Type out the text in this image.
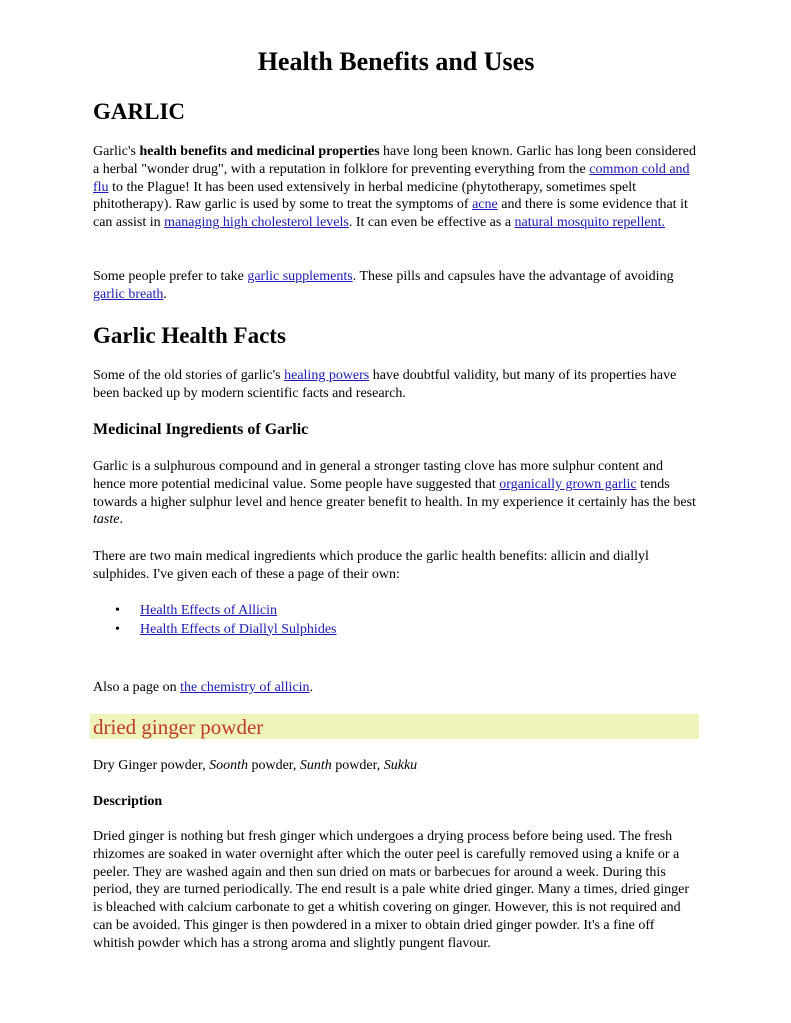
Health Benefits and Uses
GARLIC

Garlic's health benefits and medicinal properties have long been known. Garlic has long been considered a herbal "wonder drug", with a reputation in folklore for preventing everything from the common cold and flu to the Plague! It has been used extensively in herbal medicine (phytotherapy, sometimes spelt phitotherapy). Raw garlic is used by some to treat the symptoms of acne and there is some evidence that it can assist in managing high cholesterol levels. It can even be effective as a natural mosquito repellent.

Some people prefer to take garlic supplements. These pills and capsules have the advantage of avoiding garlic breath.

Garlic Health Facts

Some of the old stories of garlic's healing powers have doubtful validity, but many of its properties have been backed up by modern scientific facts and research.

Medicinal Ingredients of Garlic

Garlic is a sulphurous compound and in general a stronger tasting clove has more sulphur content and hence more potential medicinal value. Some people have suggested that organically grown garlic tends towards a higher sulphur level and hence greater benefit to health. In my experience it certainly has the best taste.

There are two main medical ingredients which produce the garlic health benefits: allicin and diallyl sulphides. I've given each of these a page of their own:

• Health Effects of Allicin
• Health Effects of Diallyl Sulphides

Also a page on the chemistry of allicin.

dried ginger powder

Dry Ginger powder, Soonth powder, Sunth powder, Sukku

Description

Dried ginger is nothing but fresh ginger which undergoes a drying process before being used. The fresh rhizomes are soaked in water overnight after which the outer peel is carefully removed using a knife or a peeler. They are washed again and then sun dried on mats or barbecues for around a week. During this period, they are turned periodically. The end result is a pale white dried ginger. Many a times, dried ginger is bleached with calcium carbonate to get a whitish covering on ginger. However, this is not required and can be avoided. This ginger is then powdered in a mixer to obtain dried ginger powder. It's a fine off whitish powder which has a strong aroma and slightly pungent flavour.
